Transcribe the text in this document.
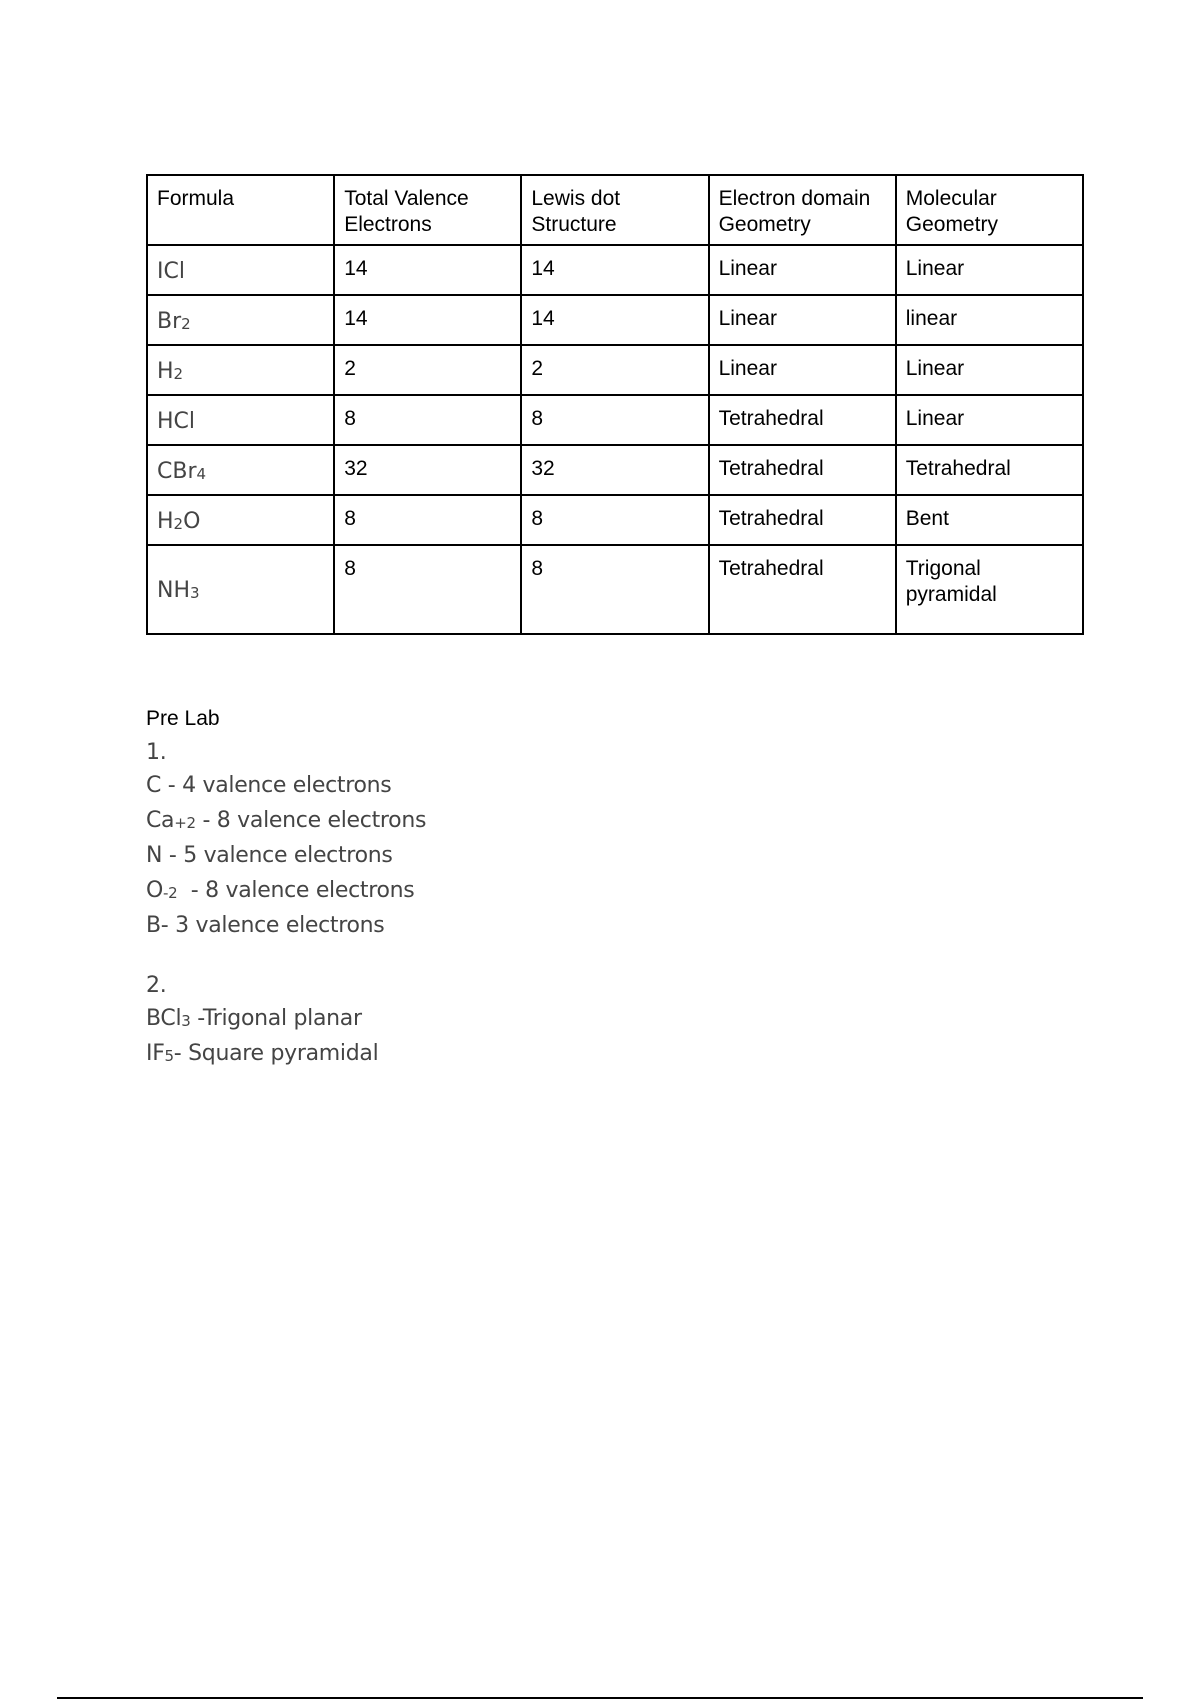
Formula	Total Valence Electrons	Lewis dot Structure	Electron domain Geometry	Molecular Geometry
ICl	14	14	Linear	Linear
$Br_2$	14	14	Linear	linear
$H_2$	2	2	Linear	Linear
HCl	8	8	Tetrahedral	Linear
CBr$_4$	32	32	Tetrahedral	Tetrahedral
$H_2O$	8	8	Tetrahedral	Bent
$NH_3$	8	8	Tetrahedral	Trigonal pyramidal
Pre Lab
1.
C - 4 valence electrons
$Ca_{+2} - 8$ valence electrons
N - 5 valence electrons
$O_{-2} - 8$ valence electrons
B- 3 valence electrons
2.
BCl$_3$ -Trigonal planar
$IF_5-$ Square pyramidal
